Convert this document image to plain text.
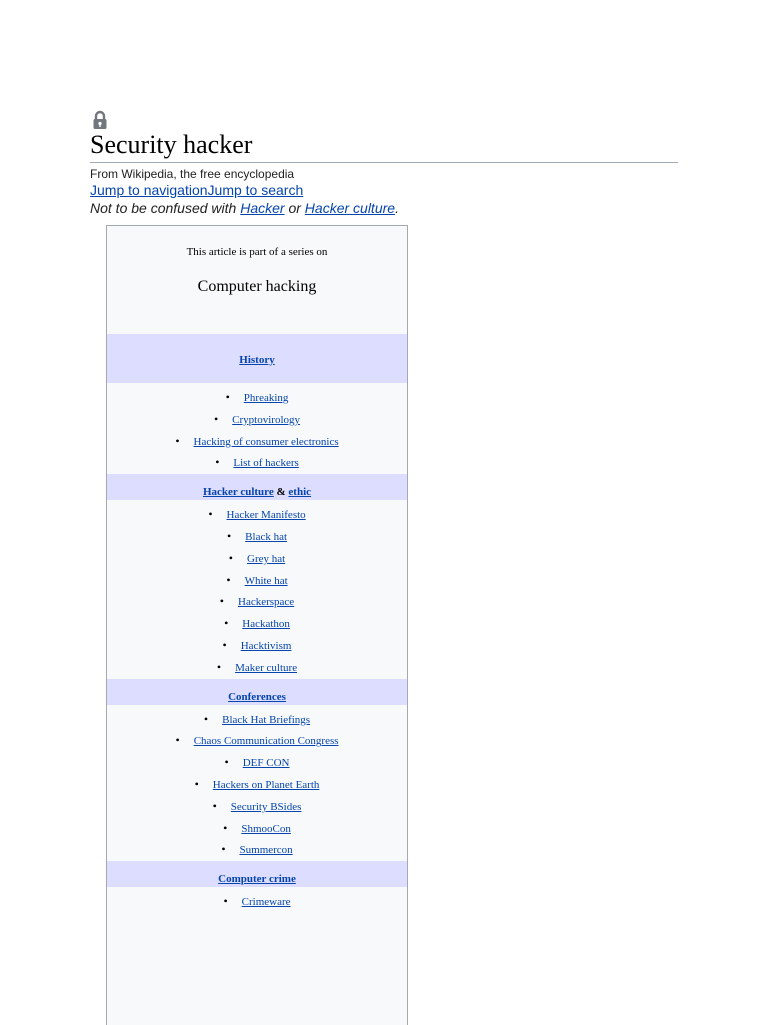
Security hacker
From Wikipedia, the free encyclopedia
Jump to navigationJump to search
Not to be confused with Hacker or Hacker culture.
This article is part of a series on
Computer hacking
History
• Phreaking
• Cryptovirology
• Hacking of consumer electronics
• List of hackers
Hacker culture & ethic
• Hacker Manifesto
• Black hat
• Grey hat
• White hat
• Hackerspace
• Hackathon
• Hacktivism
• Maker culture
Conferences
• Black Hat Briefings
• Chaos Communication Congress
• DEF CON
• Hackers on Planet Earth
• Security BSides
• ShmooCon
• Summercon
Computer crime
• Crimeware
